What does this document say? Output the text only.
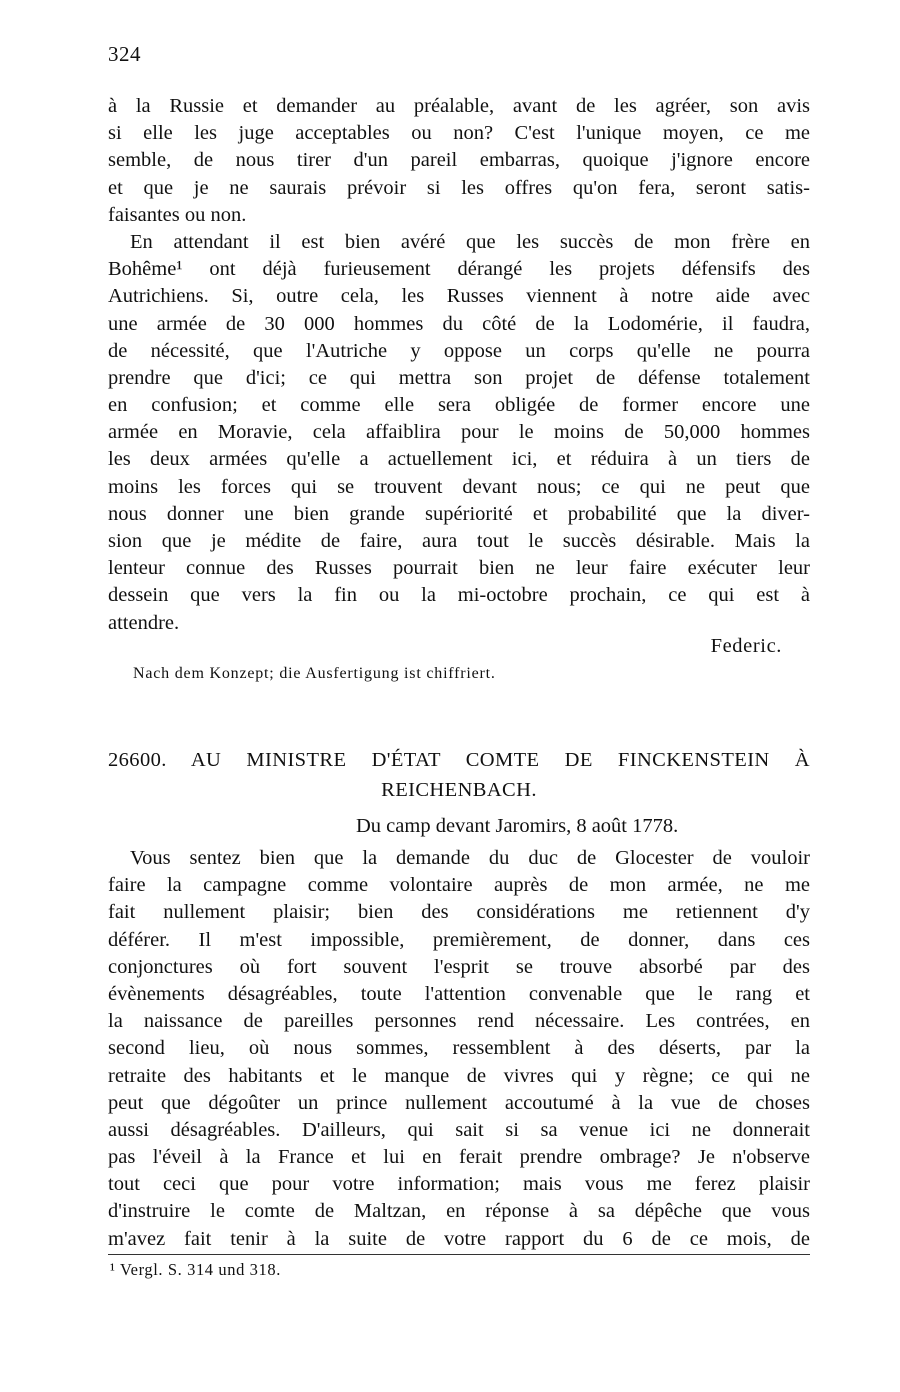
324
à la Russie et demander au préalable, avant de les agréer, son avis
si elle les juge acceptables ou non? C'est l'unique moyen, ce me
semble, de nous tirer d'un pareil embarras, quoique j'ignore encore
et que je ne saurais prévoir si les offres qu'on fera, seront satis-
faisantes ou non.
En attendant il est bien avéré que les succès de mon frère en
Bohême¹ ont déjà furieusement dérangé les projets défensifs des
Autrichiens. Si, outre cela, les Russes viennent à notre aide avec
une armée de 30 000 hommes du côté de la Lodomérie, il faudra,
de nécessité, que l'Autriche y oppose un corps qu'elle ne pourra
prendre que d'ici; ce qui mettra son projet de défense totalement
en confusion; et comme elle sera obligée de former encore une
armée en Moravie, cela affaiblira pour le moins de 50,000 hommes
les deux armées qu'elle a actuellement ici, et réduira à un tiers de
moins les forces qui se trouvent devant nous; ce qui ne peut que
nous donner une bien grande supériorité et probabilité que la diver-
sion que je médite de faire, aura tout le succès désirable. Mais la
lenteur connue des Russes pourrait bien ne leur faire exécuter leur
dessein que vers la fin ou la mi-octobre prochain, ce qui est à
attendre.
Federic.
Nach dem Konzept; die Ausfertigung ist chiffriert.
26600. AU MINISTRE D'ÉTAT COMTE DE FINCKENSTEIN À
REICHENBACH.
Du camp devant Jaromirs, 8 août 1778.
Vous sentez bien que la demande du duc de Glocester de vouloir
faire la campagne comme volontaire auprès de mon armée, ne me
fait nullement plaisir; bien des considérations me retiennent d'y
déférer. Il m'est impossible, premièrement, de donner, dans ces
conjonctures où fort souvent l'esprit se trouve absorbé par des
évènements désagréables, toute l'attention convenable que le rang et
la naissance de pareilles personnes rend nécessaire. Les contrées, en
second lieu, où nous sommes, ressemblent à des déserts, par la
retraite des habitants et le manque de vivres qui y règne; ce qui ne
peut que dégoûter un prince nullement accoutumé à la vue de choses
aussi désagréables. D'ailleurs, qui sait si sa venue ici ne donnerait
pas l'éveil à la France et lui en ferait prendre ombrage? Je n'observe
tout ceci que pour votre information; mais vous me ferez plaisir
d'instruire le comte de Maltzan, en réponse à sa dépêche que vous
m'avez fait tenir à la suite de votre rapport du 6 de ce mois, de
¹ Vergl. S. 314 und 318.
